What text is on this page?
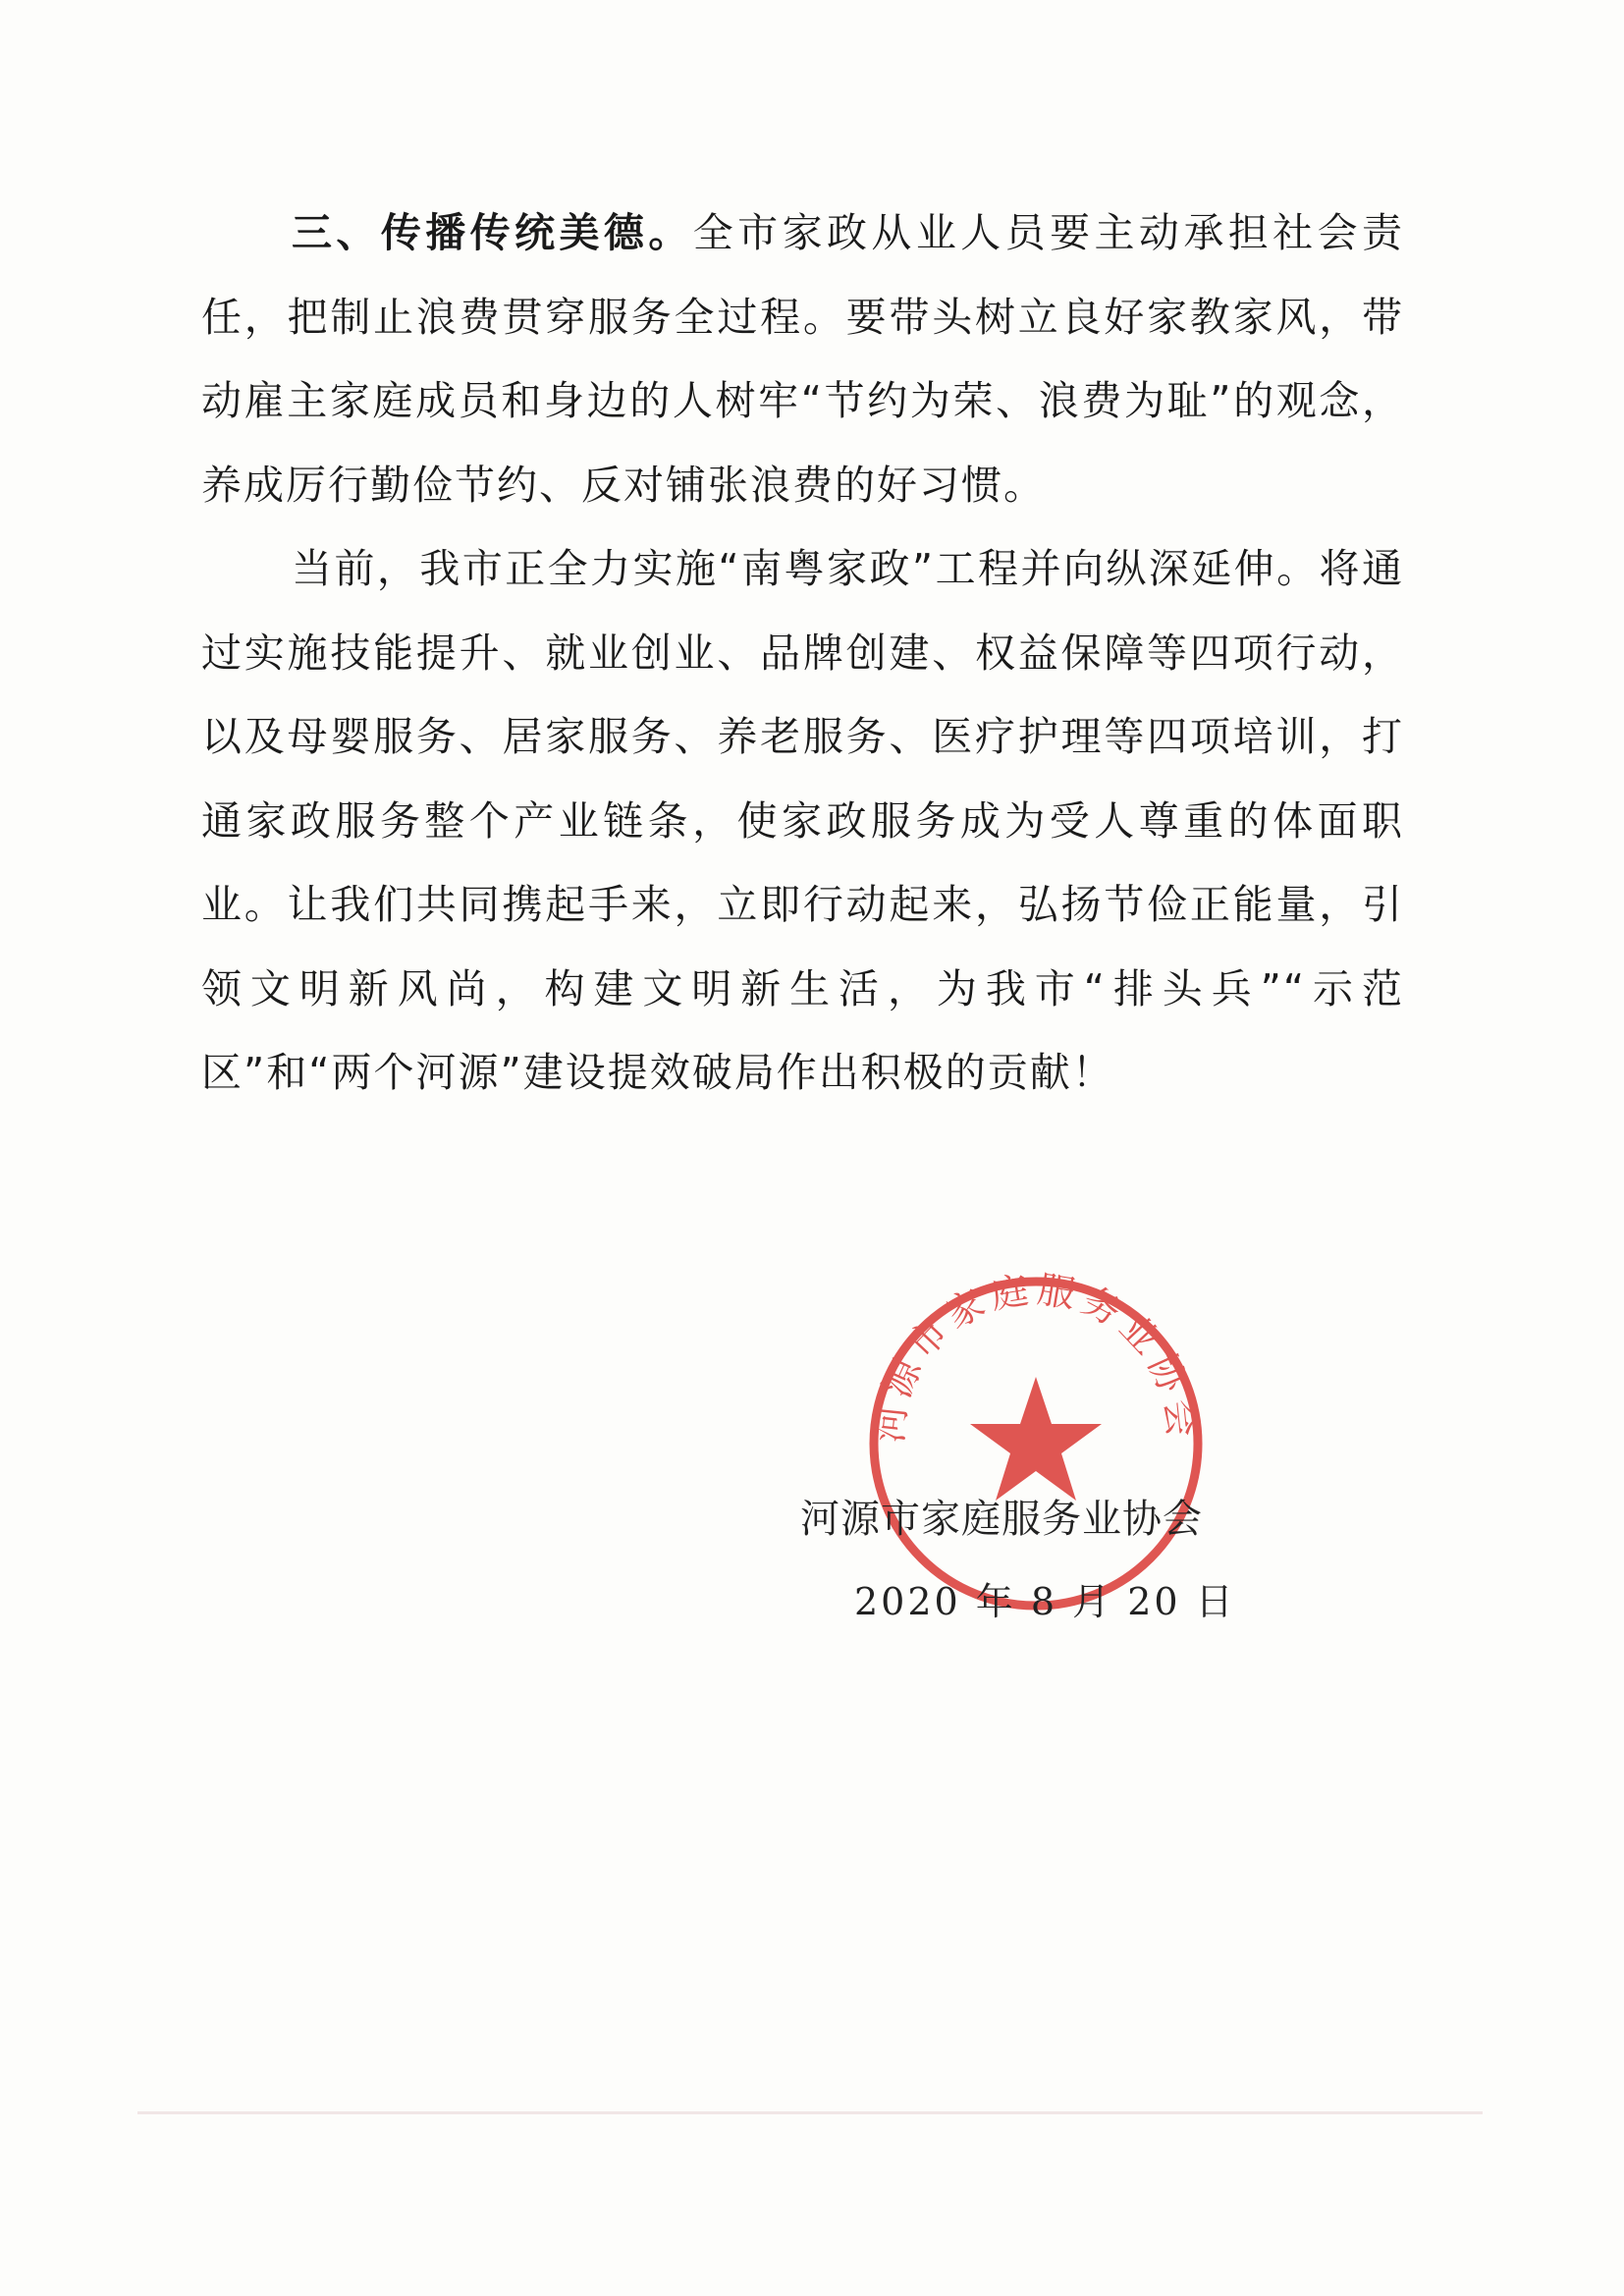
三、传播传统美德。全市家政从业人员要主动承担社会责任，把制止浪费贯穿服务全过程。要带头树立良好家教家风，带动雇主家庭成员和身边的人树牢“节约为荣、浪费为耻”的观念，养成厉行勤俭节约、反对铺张浪费的好习惯。

当前，我市正全力实施“南粤家政”工程并向纵深延伸。将通过实施技能提升、就业创业、品牌创建、权益保障等四项行动，以及母婴服务、居家服务、养老服务、医疗护理等四项培训，打通家政服务整个产业链条，使家政服务成为受人尊重的体面职业。让我们共同携起手来，立即行动起来，弘扬节俭正能量，引领文明新风尚，构建文明新生活，为我市“排头兵”“示范区”和“两个河源”建设提效破局作出积极的贡献！

河源市家庭服务业协会
河源市家庭服务业协会
2020 年 8 月 20 日
